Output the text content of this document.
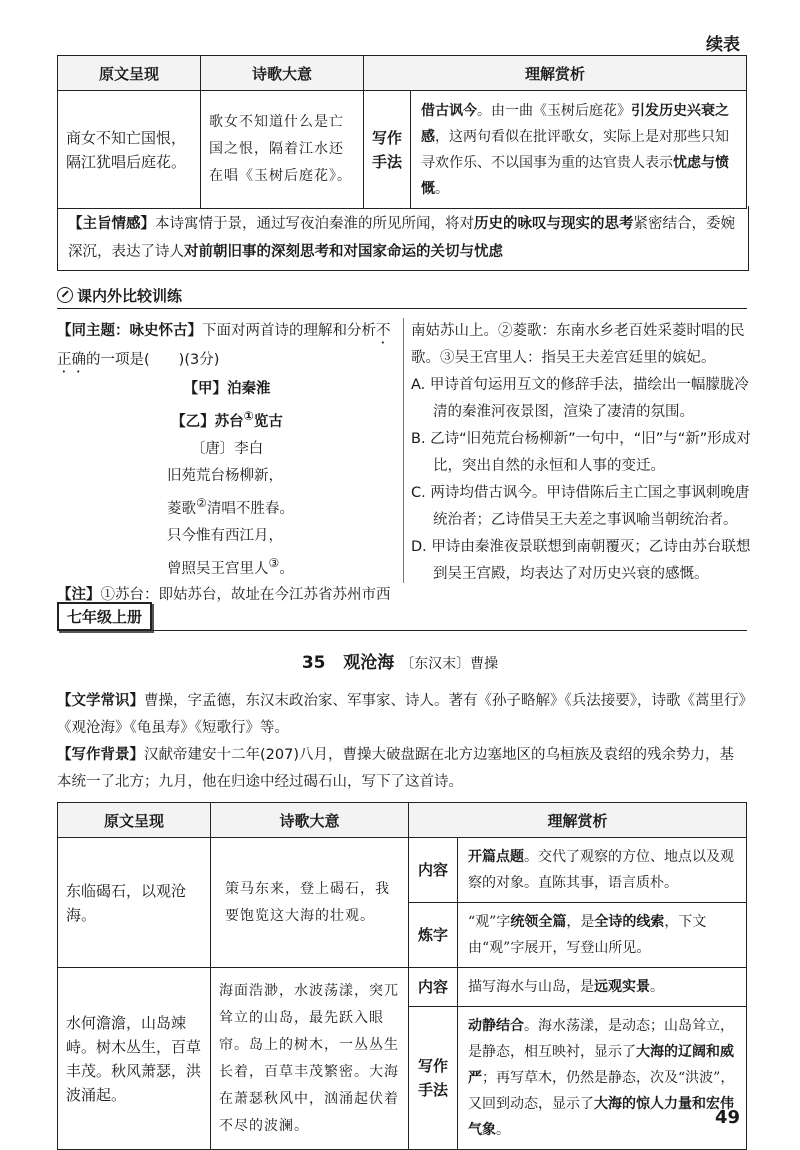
续表
原文呈现	诗歌大意	理解赏析	
商女不知亡国恨，隔江犹唱后庭花。	歌女不知道什么是亡国之恨，隔着江水还在唱《玉树后庭花》。	写作手法	借古讽今。由一曲《玉树后庭花》引发历史兴衰之感，这两句看似在批评歌女，实际上是对那些只知寻欢作乐、不以国事为重的达官贵人表示忧虑与愤慨。
【主旨情感】本诗寓情于景，通过写夜泊秦淮的所见所闻，将对历史的咏叹与现实的思考紧密结合，委婉深沉，表达了诗人对前朝旧事的深刻思考和对国家命运的关切与忧虑
课内外比较训练
【同主题：咏史怀古】下面对两首诗的理解和分析不正确的一项是(　　)(3分)
【甲】泊秦淮
【乙】苏台①览古
〔唐〕李白
旧苑荒台杨柳新，
菱歌②清唱不胜春。
只今惟有西江月，
曾照吴王宫里人③。
【注】①苏台：即姑苏台，故址在今江苏省苏州市西
南姑苏山上。②菱歌：东南水乡老百姓采菱时唱的民歌。③吴王宫里人：指吴王夫差宫廷里的嫔妃。
A. 甲诗首句运用互文的修辞手法，描绘出一幅朦胧冷清的秦淮河夜景图，渲染了凄清的氛围。
B. 乙诗“旧苑荒台杨柳新”一句中，“旧”与“新”形成对比，突出自然的永恒和人事的变迁。
C. 两诗均借古讽今。甲诗借陈后主亡国之事讽刺晚唐统治者；乙诗借吴王夫差之事讽喻当朝统治者。
D. 甲诗由秦淮夜景联想到南朝覆灭；乙诗由苏台联想到吴王宫殿，均表达了对历史兴衰的感慨。
七年级上册
35 观沧海 〔东汉末〕曹操
【文学常识】曹操，字孟德，东汉末政治家、军事家、诗人。著有《孙子略解》《兵法接要》，诗歌《蒿里行》《观沧海》《龟虽寿》《短歌行》等。
【写作背景】汉献帝建安十二年(207)八月，曹操大破盘踞在北方边塞地区的乌桓族及袁绍的残余势力，基本统一了北方；九月，他在归途中经过碣石山，写下了这首诗。
原文呈现	诗歌大意	理解赏析	
东临碣石，以观沧海。	策马东来，登上碣石，我要饱览这大海的壮观。	内容	开篇点题。交代了观察的方位、地点以及观察的对象。直陈其事，语言质朴。
		炼字	“观”字统领全篇，是全诗的线索，下文由“观”字展开，写登山所见。
水何澹澹，山岛竦峙。树木丛生，百草丰茂。秋风萧瑟，洪波涌起。	海面浩渺，水波荡漾，突兀耸立的山岛，最先跃入眼帘。岛上的树木，一丛丛生长着，百草丰茂繁密。大海在萧瑟秋风中，汹涌起伏着不尽的波澜。	内容	描写海水与山岛，是远观实景。
		写作手法	动静结合。海水荡漾，是动态；山岛耸立，是静态，相互映衬，显示了大海的辽阔和威严；再写草木，仍然是静态，次及“洪波”，又回到动态，显示了大海的惊人力量和宏伟气象。
49
